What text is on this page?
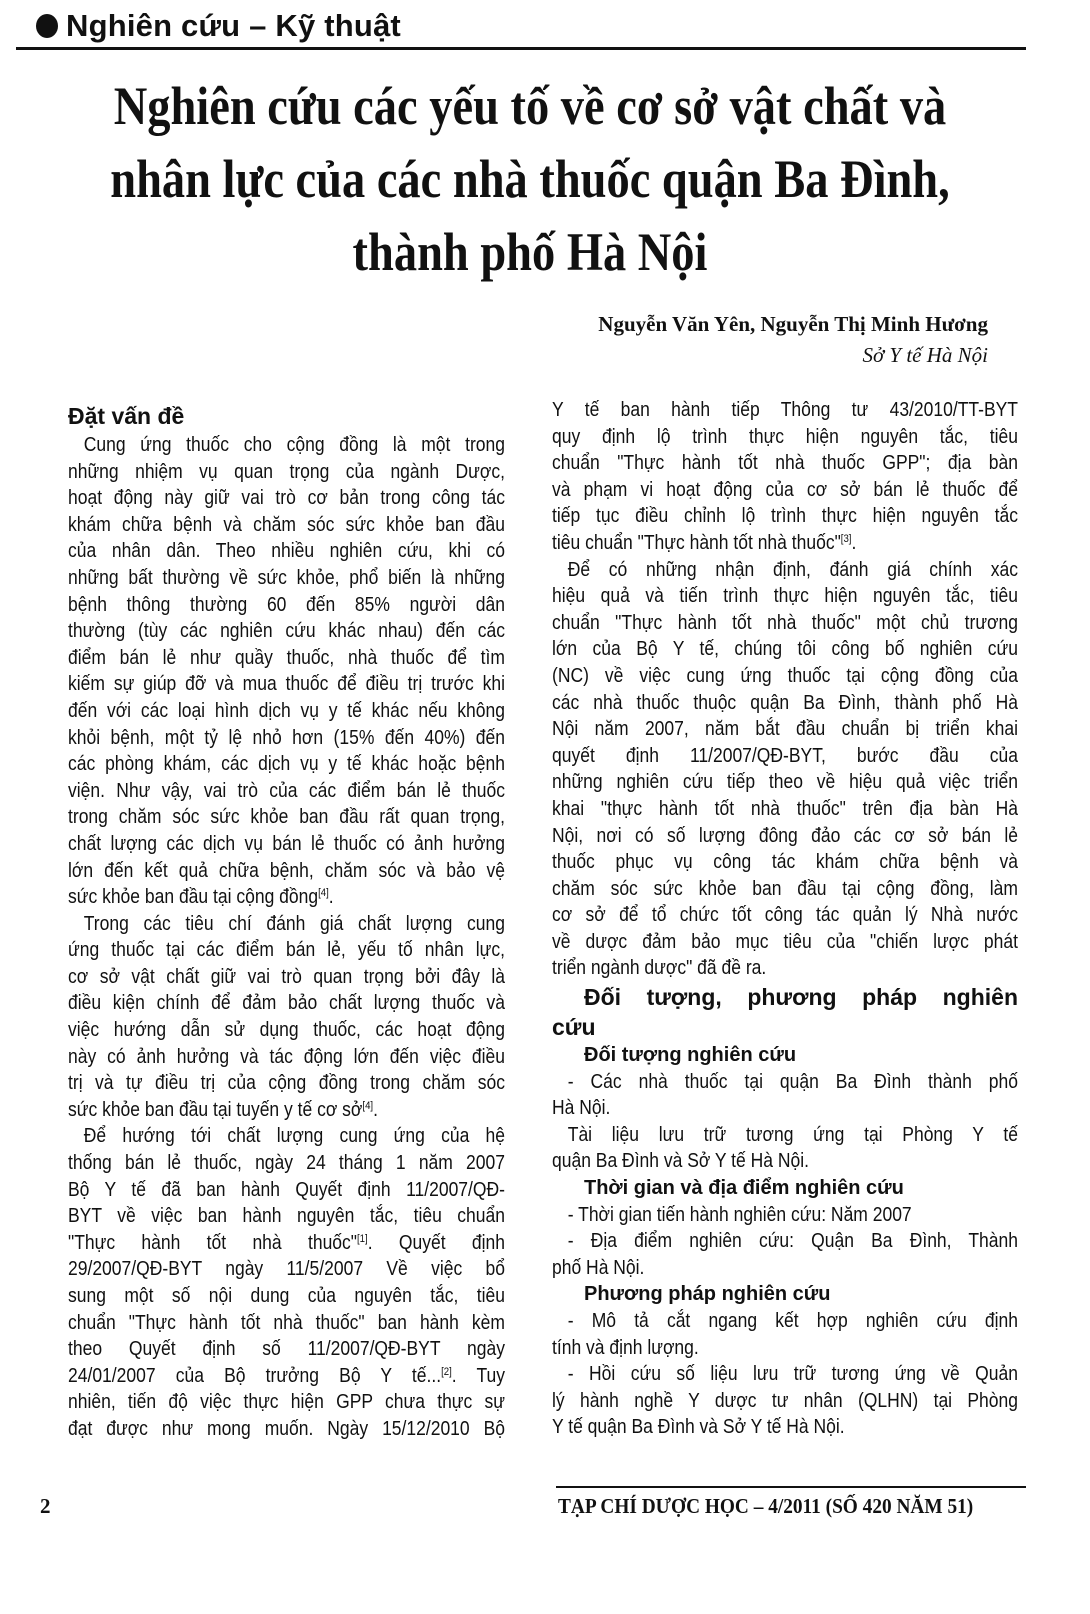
Nghiên cứu – Kỹ thuật
Nghiên cứu các yếu tố về cơ sở vật chất và
nhân lực của các nhà thuốc quận Ba Đình,
thành phố Hà Nội
Nguyễn Văn Yên, Nguyễn Thị Minh Hương
Sở Y tế Hà Nội
Đặt vấn đề
Cung ứng thuốc cho cộng đồng là một trong
những nhiệm vụ quan trọng của ngành Dược,
hoạt động này giữ vai trò cơ bản trong công tác
khám chữa bệnh và chăm sóc sức khỏe ban đầu
của nhân dân. Theo nhiều nghiên cứu, khi có
những bất thường về sức khỏe, phổ biến là những
bệnh thông thường 60 đến 85% người dân
thường (tùy các nghiên cứu khác nhau) đến các
điểm bán lẻ như quầy thuốc, nhà thuốc để tìm
kiếm sự giúp đỡ và mua thuốc để điều trị trước khi
đến với các loại hình dịch vụ y tế khác nếu không
khỏi bệnh, một tỷ lệ nhỏ hơn (15% đến 40%) đến
các phòng khám, các dịch vụ y tế khác hoặc bệnh
viện. Như vậy, vai trò của các điểm bán lẻ thuốc
trong chăm sóc sức khỏe ban đầu rất quan trọng,
chất lượng các dịch vụ bán lẻ thuốc có ảnh hưởng
lớn đến kết quả chữa bệnh, chăm sóc và bảo vệ
sức khỏe ban đầu tại cộng đồng[4].
Trong các tiêu chí đánh giá chất lượng cung
ứng thuốc tại các điểm bán lẻ, yếu tố nhân lực,
cơ sở vật chất giữ vai trò quan trọng bởi đây là
điều kiện chính để đảm bảo chất lượng thuốc và
việc hướng dẫn sử dụng thuốc, các hoạt động
này có ảnh hưởng và tác động lớn đến việc điều
trị và tự điều trị của cộng đồng trong chăm sóc
sức khỏe ban đầu tại tuyến y tế cơ sở[4].
Để hướng tới chất lượng cung ứng của hệ
thống bán lẻ thuốc, ngày 24 tháng 1 năm 2007
Bộ Y tế đã ban hành Quyết định 11/2007/QĐ-
BYT về việc ban hành nguyên tắc, tiêu chuẩn
"Thực hành tốt nhà thuốc"[1]. Quyết định
29/2007/QĐ-BYT ngày 11/5/2007 Về việc bổ
sung một số nội dung của nguyên tắc, tiêu
chuẩn "Thực hành tốt nhà thuốc" ban hành kèm
theo Quyết định số 11/2007/QĐ-BYT ngày
24/01/2007 của Bộ trưởng Bộ Y tế...[2]. Tuy
nhiên, tiến độ việc thực hiện GPP chưa thực sự
đạt được như mong muốn. Ngày 15/12/2010 Bộ
Y tế ban hành tiếp Thông tư 43/2010/TT-BYT
quy định lộ trình thực hiện nguyên tắc, tiêu
chuẩn "Thực hành tốt nhà thuốc GPP"; địa bàn
và phạm vi hoạt động của cơ sở bán lẻ thuốc để
tiếp tục điều chỉnh lộ trình thực hiện nguyên tắc
tiêu chuẩn "Thực hành tốt nhà thuốc"[3].
Để có những nhận định, đánh giá chính xác
hiệu quả và tiến trình thực hiện nguyên tắc, tiêu
chuẩn "Thực hành tốt nhà thuốc" một chủ trương
lớn của Bộ Y tế, chúng tôi công bố nghiên cứu
(NC) về việc cung ứng thuốc tại cộng đồng của
các nhà thuốc thuộc quận Ba Đình, thành phố Hà
Nội năm 2007, năm bắt đầu chuẩn bị triển khai
quyết định 11/2007/QĐ-BYT, bước đầu của
những nghiên cứu tiếp theo về hiệu quả việc triển
khai "thực hành tốt nhà thuốc" trên địa bàn Hà
Nội, nơi có số lượng đông đảo các cơ sở bán lẻ
thuốc phục vụ công tác khám chữa bệnh và
chăm sóc sức khỏe ban đầu tại cộng đồng, làm
cơ sở để tổ chức tốt công tác quản lý Nhà nước
về dược đảm bảo mục tiêu của "chiến lược phát
triển ngành dược" đã đề ra.
Đối tượng, phương pháp nghiên
cứu
Đối tượng nghiên cứu
- Các nhà thuốc tại quận Ba Đình thành phố
Hà Nội.
Tài liệu lưu trữ tương ứng tại Phòng Y tế
quận Ba Đình và Sở Y tế Hà Nội.
Thời gian và địa điểm nghiên cứu
- Thời gian tiến hành nghiên cứu: Năm 2007
- Địa điểm nghiên cứu: Quận Ba Đình, Thành
phố Hà Nội.
Phương pháp nghiên cứu
- Mô tả cắt ngang kết hợp nghiên cứu định
tính và định lượng.
- Hồi cứu số liệu lưu trữ tương ứng về Quản
lý hành nghề Y dược tư nhân (QLHN) tại Phòng
Y tế quận Ba Đình và Sở Y tế Hà Nội.
2	TẠP CHÍ DƯỢC HỌC – 4/2011 (SỐ 420 NĂM 51)
